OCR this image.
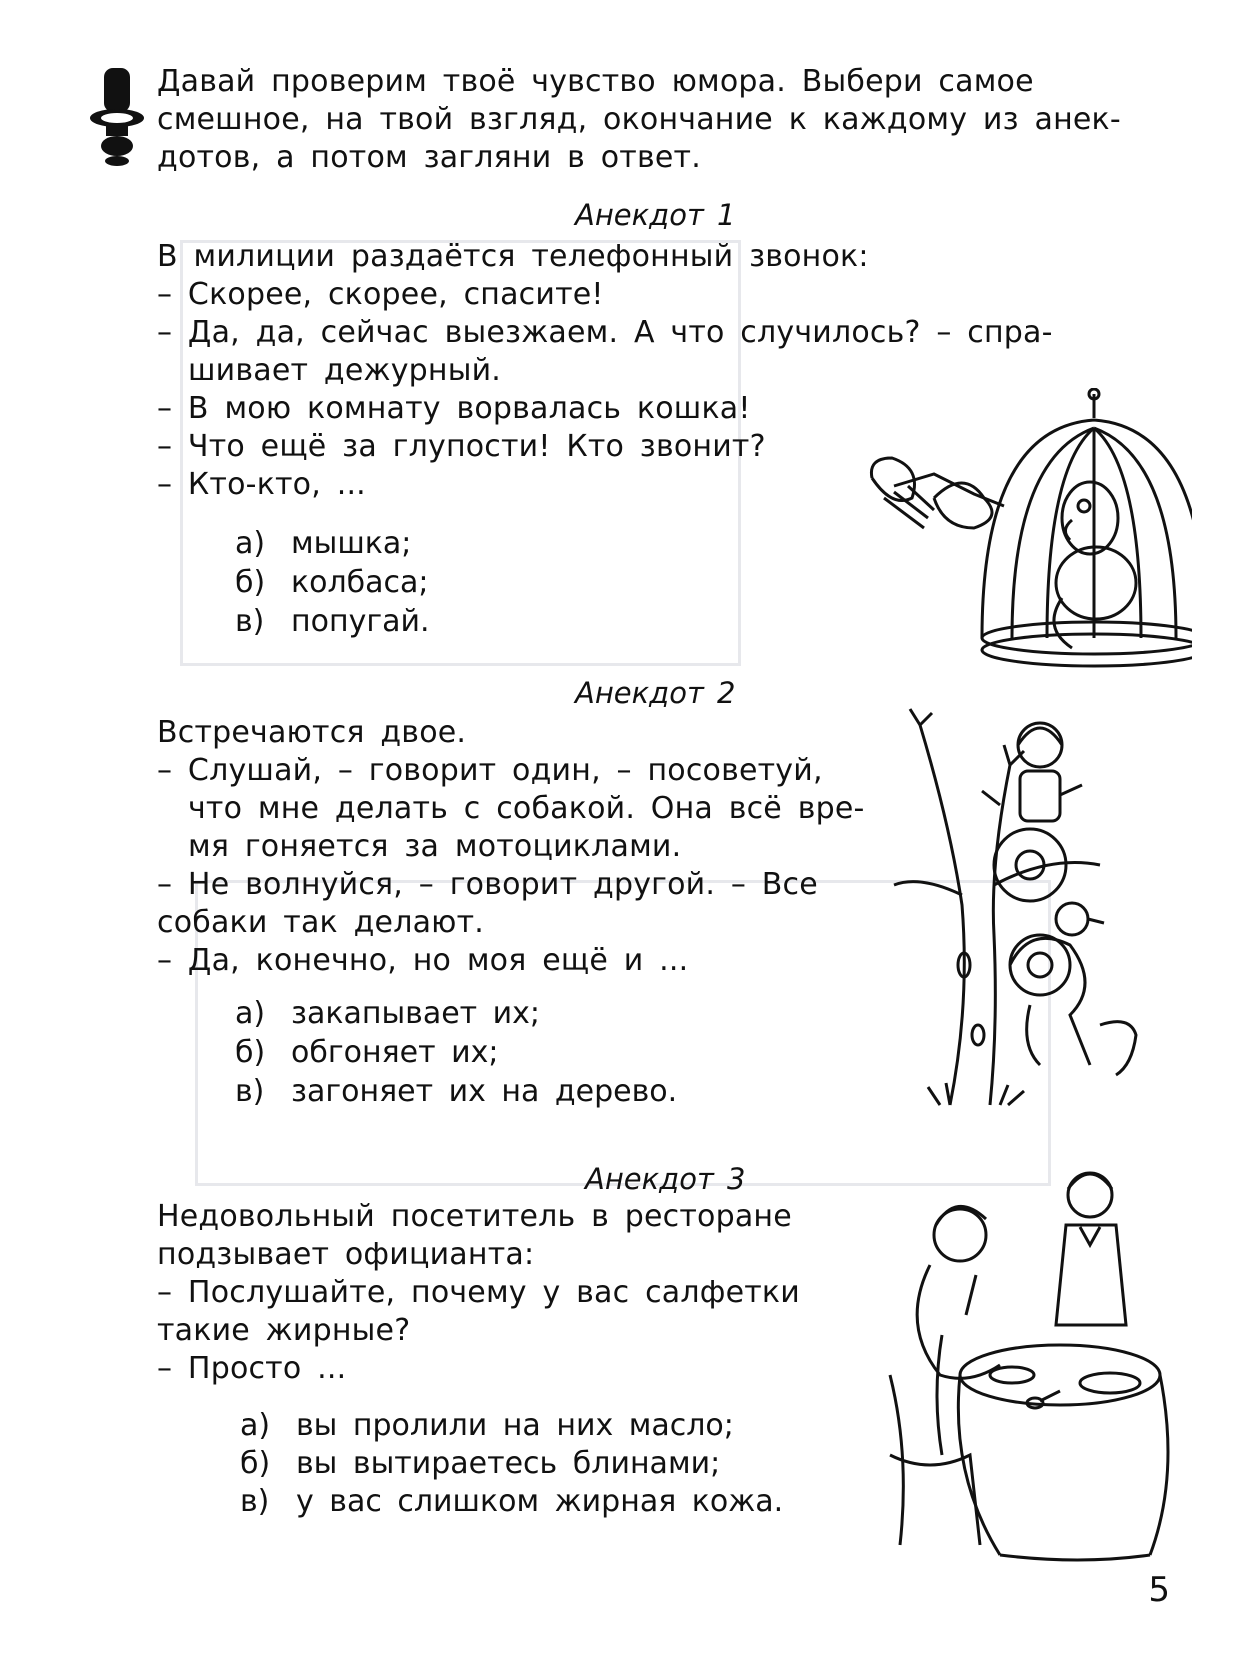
Давай проверим твоё чувство юмора. Выбери самое
смешное, на твой взгляд, окончание к каждому из анек-
дотов, а потом загляни в ответ.
Анекдот 1
В милиции раздаётся телефонный звонок:
– Скорее, скорее, спасите!
– Да, да, сейчас выезжаем. А что случилось? – спра-
шивает дежурный.
– В мою комнату ворвалась кошка!
– Что ещё за глупости! Кто звонит?
– Кто-кто, ...
а) мышка;
б) колбаса;
в) попугай.
Анекдот 2
Встречаются двое.
– Слушай, – говорит один, – посоветуй,
что мне делать с собакой. Она всё вре-
мя гоняется за мотоциклами.
– Не волнуйся, – говорит другой. – Все
собаки так делают.
– Да, конечно, но моя ещё и ...
а) закапывает их;
б) обгоняет их;
в) загоняет их на дерево.
Анекдот 3
Недовольный посетитель в ресторане
подзывает официанта:
– Послушайте, почему у вас салфетки
такие жирные?
– Просто ...
а) вы пролили на них масло;
б) вы вытираетесь блинами;
в) у вас слишком жирная кожа.
5
